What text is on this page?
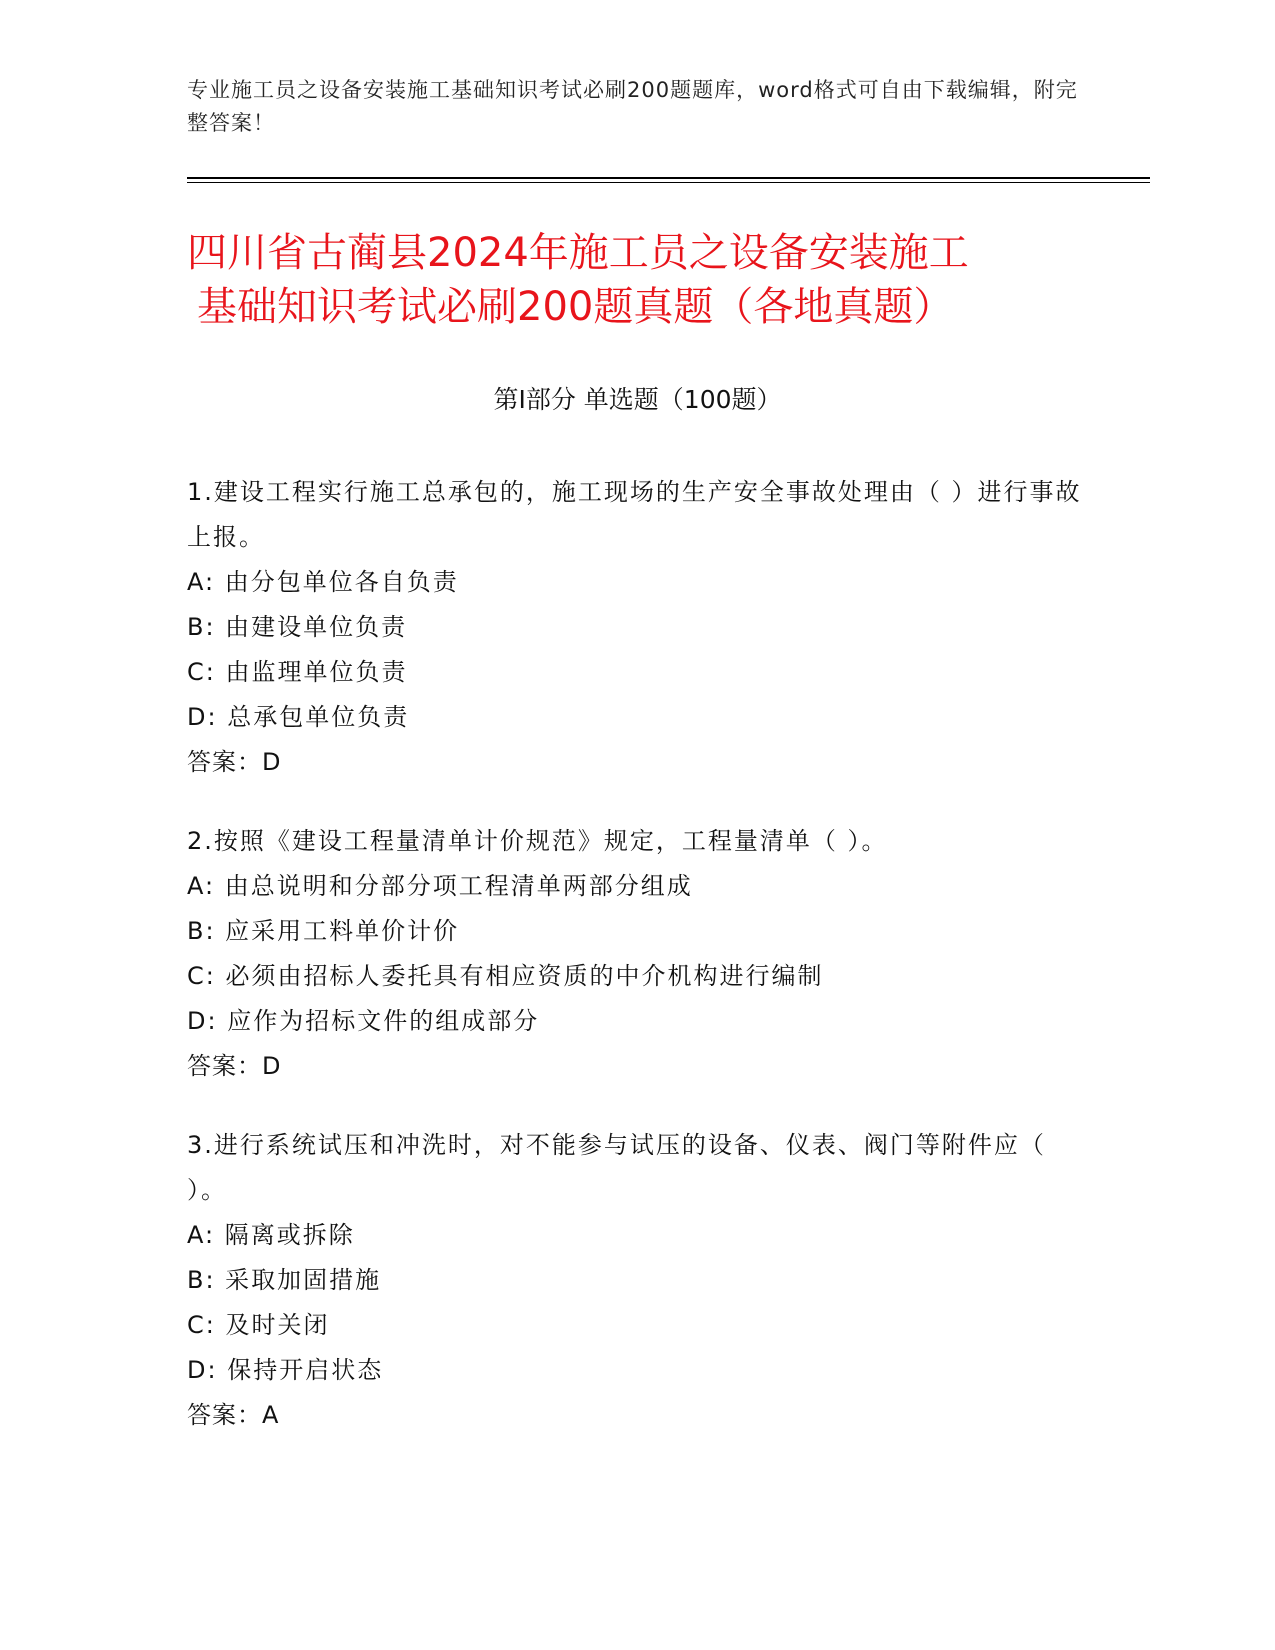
专业施工员之设备安装施工基础知识考试必刷200题题库，word格式可自由下载编辑，附完整答案！
四川省古蔺县2024年施工员之设备安装施工
基础知识考试必刷200题真题（各地真题）
第Ⅰ部分 单选题（100题）
1.建设工程实行施工总承包的，施工现场的生产安全事故处理由（ ）进行事故上报。
A: 由分包单位各自负责
B: 由建设单位负责
C: 由监理单位负责
D: 总承包单位负责
答案：D
2.按照《建设工程量清单计价规范》规定，工程量清单（ ）。
A: 由总说明和分部分项工程清单两部分组成
B: 应采用工料单价计价
C: 必须由招标人委托具有相应资质的中介机构进行编制
D: 应作为招标文件的组成部分
答案：D
3.进行系统试压和冲洗时，对不能参与试压的设备、仪表、阀门等附件应（ ）。
A: 隔离或拆除
B: 采取加固措施
C: 及时关闭
D: 保持开启状态
答案：A
